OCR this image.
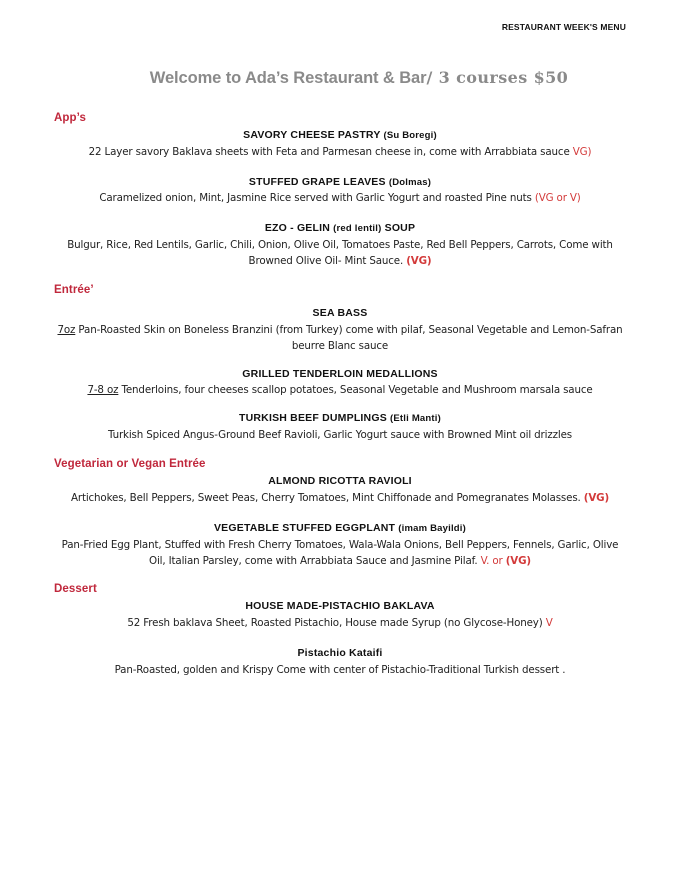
RESTAURANT WEEK'S MENU
Welcome to Ada’s Restaurant & Bar/ 3 courses $50
App’s
SAVORY CHEESE PASTRY (Su Boregi)
22 Layer savory Baklava sheets with Feta and Parmesan cheese in, come with Arrabbiata sauce VG)
STUFFED GRAPE LEAVES (Dolmas)
Caramelized onion, Mint, Jasmine Rice served with Garlic Yogurt and roasted Pine nuts (VG or V)
EZO - GELIN (red lentil) SOUP
Bulgur, Rice, Red Lentils, Garlic, Chili, Onion, Olive Oil, Tomatoes Paste, Red Bell Peppers, Carrots, Come with Browned Olive Oil- Mint Sauce. (VG)
Entrée’
SEA BASS
7oz Pan-Roasted Skin on Boneless Branzini (from Turkey) come with pilaf, Seasonal Vegetable and Lemon-Safran beurre Blanc sauce
GRILLED TENDERLOIN MEDALLIONS
7-8 oz Tenderloins, four cheeses scallop potatoes, Seasonal Vegetable and Mushroom marsala sauce
TURKISH BEEF DUMPLINGS (Etli Manti)
Turkish Spiced Angus-Ground Beef Ravioli, Garlic Yogurt sauce with Browned Mint oil drizzles
Vegetarian or Vegan Entrée
ALMOND RICOTTA RAVIOLI
Artichokes, Bell Peppers, Sweet Peas, Cherry Tomatoes, Mint Chiffonade and Pomegranates Molasses. (VG)
VEGETABLE STUFFED EGGPLANT (imam Bayildi)
Pan-Fried Egg Plant, Stuffed with Fresh Cherry Tomatoes, Wala-Wala Onions, Bell Peppers, Fennels, Garlic, Olive Oil, Italian Parsley, come with Arrabbiata Sauce and Jasmine Pilaf. V. or (VG)
Dessert
HOUSE MADE-PISTACHIO BAKLAVA
52 Fresh baklava Sheet, Roasted Pistachio, House made Syrup (no Glycose-Honey) V
Pistachio Kataifi
Pan-Roasted, golden and Krispy Come with center of Pistachio-Traditional Turkish dessert .
